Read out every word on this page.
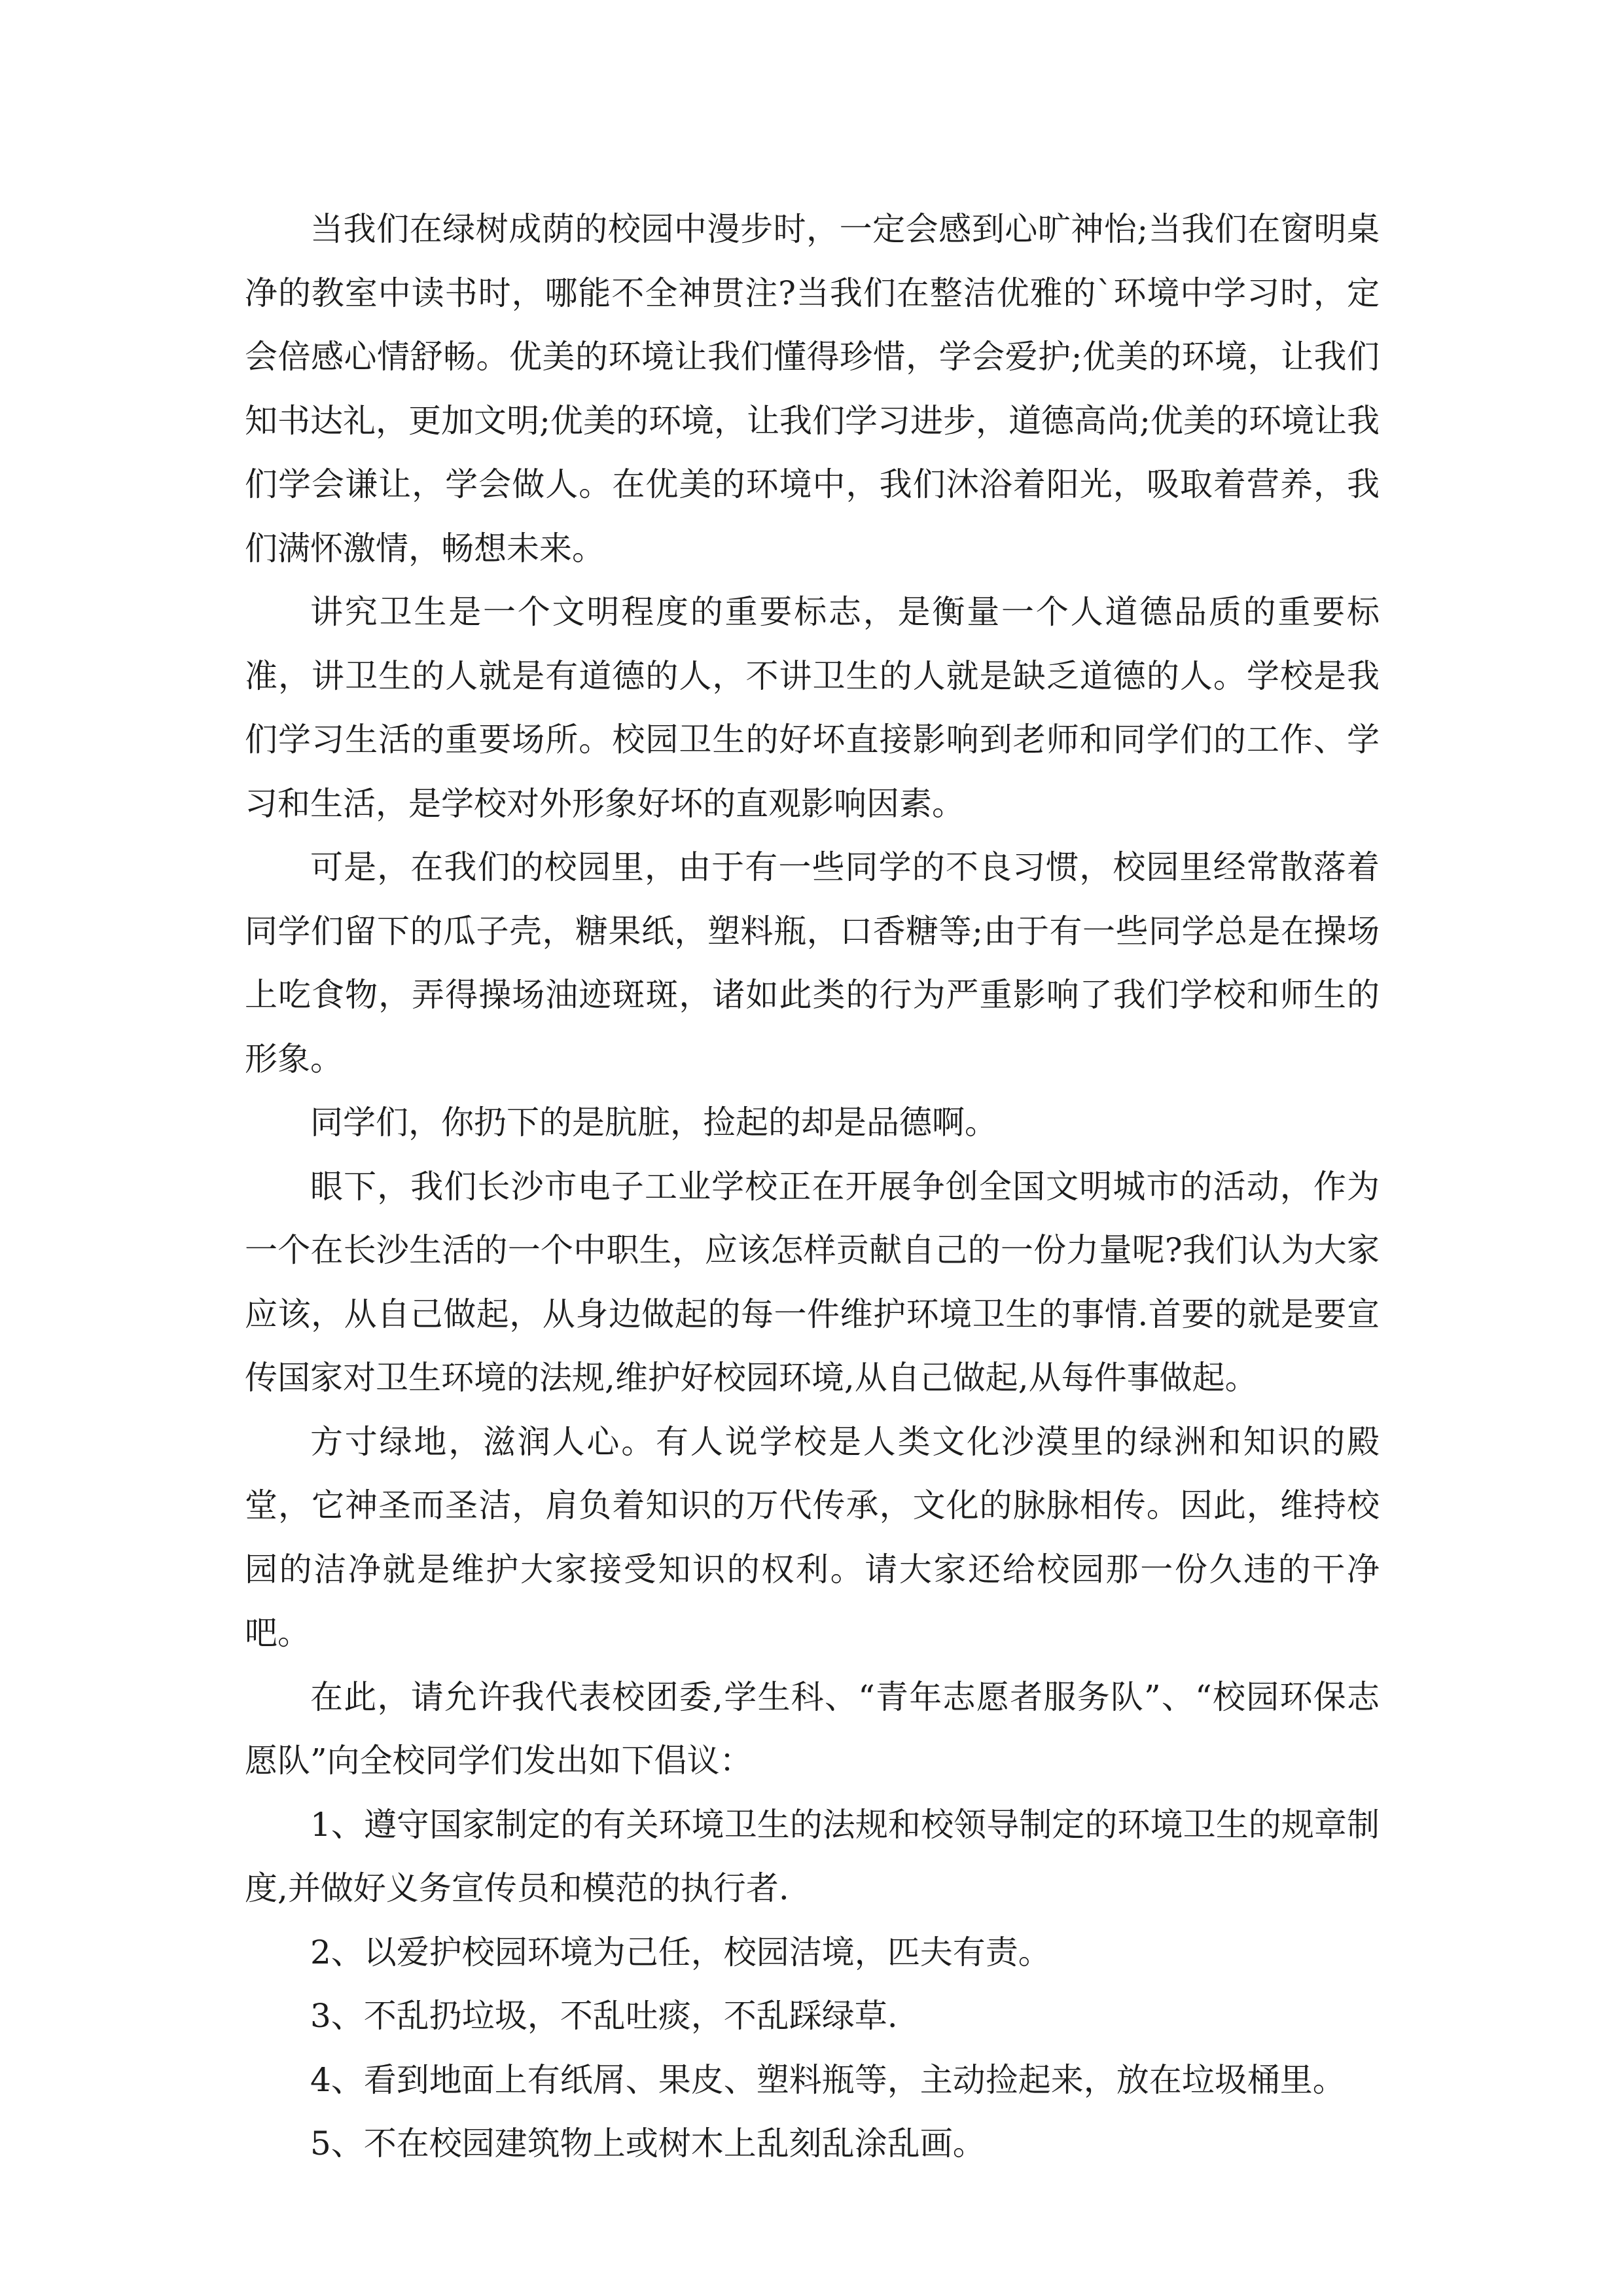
当我们在绿树成荫的校园中漫步时，一定会感到心旷神怡;当我们在窗明桌净的教室中读书时，哪能不全神贯注?当我们在整洁优雅的`环境中学习时，定会倍感心情舒畅。优美的环境让我们懂得珍惜，学会爱护;优美的环境，让我们知书达礼，更加文明;优美的环境，让我们学习进步，道德高尚;优美的环境让我们学会谦让，学会做人。在优美的环境中，我们沐浴着阳光，吸取着营养，我们满怀激情，畅想未来。

讲究卫生是一个文明程度的重要标志，是衡量一个人道德品质的重要标准，讲卫生的人就是有道德的人，不讲卫生的人就是缺乏道德的人。学校是我们学习生活的重要场所。校园卫生的好坏直接影响到老师和同学们的工作、学习和生活，是学校对外形象好坏的直观影响因素。

可是，在我们的校园里，由于有一些同学的不良习惯，校园里经常散落着同学们留下的瓜子壳，糖果纸，塑料瓶，口香糖等;由于有一些同学总是在操场上吃食物，弄得操场油迹斑斑，诸如此类的行为严重影响了我们学校和师生的形象。

同学们，你扔下的是肮脏，捡起的却是品德啊。

眼下，我们长沙市电子工业学校正在开展争创全国文明城市的活动，作为一个在长沙生活的一个中职生，应该怎样贡献自己的一份力量呢?我们认为大家应该，从自己做起，从身边做起的每一件维护环境卫生的事情.首要的就是要宣传国家对卫生环境的法规,维护好校园环境,从自己做起,从每件事做起。

方寸绿地，滋润人心。有人说学校是人类文化沙漠里的绿洲和知识的殿堂，它神圣而圣洁，肩负着知识的万代传承，文化的脉脉相传。因此，维持校园的洁净就是维护大家接受知识的权利。请大家还给校园那一份久违的干净吧。

在此，请允许我代表校团委,学生科、“青年志愿者服务队”、“校园环保志愿队”向全校同学们发出如下倡议：

1、遵守国家制定的有关环境卫生的法规和校领导制定的环境卫生的规章制度,并做好义务宣传员和模范的执行者.

2、以爱护校园环境为己任，校园洁境，匹夫有责。

3、不乱扔垃圾，不乱吐痰，不乱踩绿草.

4、看到地面上有纸屑、果皮、塑料瓶等，主动捡起来，放在垃圾桶里。

5、不在校园建筑物上或树木上乱刻乱涂乱画。
